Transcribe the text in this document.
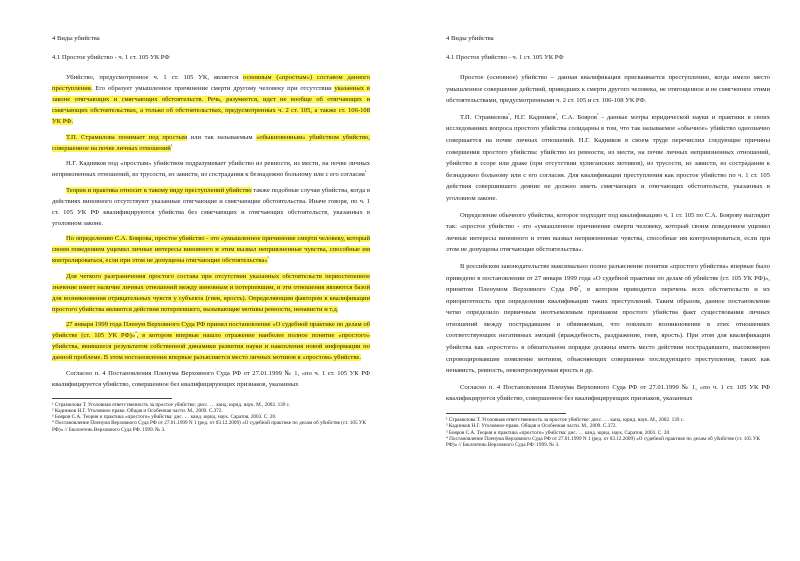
4 Виды убийства
4.1 Простое убийство - ч. 1 ст. 105 УК РФ

Убийство, предусмотренное ч. 1 ст. 105 УК, является основным («простым») составом данного преступления. Его образует умышленное причинение смерти другому человеку при отсутствии указанных в законе отягчающих и смягчающих обстоятельств. Речь, разумеется, идет не вообще об отягчающих и смягчающих обстоятельствах, а только об обстоятельствах, предусмотренных ч. 2 ст. 105, а также ст. 106-108 УК РФ.

Т.П. Страмилова понимает под простым или так называемым «обыкновенным» убийством убийство, совершенное на почве личных отношений$^{^1.}$

Н.Г. Кадников под «простым» убийством подразумевает убийство из ревности, из мести, на почве личных неприязненных отношений, из трусости, из зависти, из сострадания к безнадежно больному или с его согласия$^{^2.}$

Теория и практика относит к такому виду преступлений убийство также подобные случаи убийства, когда в действиях виновного отсутствуют указанные отягчающие и смягчающие обстоятельства. Иначе говоря, по ч. 1 ст. 105 УК РФ квалифицируются убийства без смягчающих и отягчающих обстоятельств, указанных в уголовном законе.

По определению С.А. Боярова, простое убийство - это «умышленное причинение смерти человеку, который своим поведением ущемил личные интересы виновного и этим вызвал неприязненные чувства, способные им контролироваться, если при этом не допущены отягчающие обстоятельства»$^{^3.}$

Для четкого разграничения простого состава при отсутствии указанных обстоятельств первостепенное значение имеет наличие личных отношений между виновным и потерпевшим, и эти отношения являются базой для возникновения отрицательных чувств у субъекта (гнев, ярость). Определяющим фактором в квалификации простого убийства являются действия потерпевшего, вызывающие мотивы ревности, ненависти и т.д.

27 января 1999 года Пленум Верховного Суда РФ принял постановление «О судебной практике по делам об убийстве (ст. 105 УК РФ)»$^{^4}$, в котором впервые нашло отражение наиболее полное понятие «простого» убийства, явившееся результатом собственной динамики развития науки и накопления новой информации по данной проблеме. В этом постановлении впервые разъясняется место личных мотивов в «простом» убийстве.

Согласно п. 4 Постановления Пленума Верховного Суда РФ от 27.01.1999 № 1, «по ч. 1 ст. 105 УК РФ квалифицируется убийство, совершенное без квалифицирующих признаков, указанных

¹ Страмилова Т. Уголовная ответственность за простое убийство: дисс. … канд. юрид. наук. М., 2002. 139 с.

² Кадников Н.Г. Уголовное право. Общая и Особенная части. М., 2009. С.372.

³ Бояров С.А. Теория и практика «простого» убийства: дис. … канд. юрид. наук. Саратов, 2003. С. 20.

⁴ Постановление Пленума Верховного Суда РФ от 27.01.1999 N 1 (ред. от 03.12.2009) «О судебной практике по делам об убийстве (ст. 105 УК РФ)» // Бюллетень Верховного Суда РФ. 1999. № 3.

4 Виды убийства
4.1 Простое убийство - ч. 1 ст. 105 УК РФ

Простое (основное) убийство – данная квалификация присваивается преступлению, когда имело место умышленное совершение действий, приведших к смерти другого человека, не отягощенное и не смягченное этими обстоятельствами, предусмотренными ч. 2 ст. 105 и ст. 106-108 УК РФ.

Т.П. Страмилова$^{^1}$, Н.Г. Кадников$^{^2}$, С.А. Бояров$^{^3}$ - данные мэтры юридической науки и практики в своих исследованиях вопроса простого убийства солидарны в том, что так называемое «обычное» убийство однозначно совершается на почве личных отношений. Н.Г. Кадников в своем труде перечислил следующие причины совершения простого убийства: убийство из ревности, из мести, на почве личных неприязненных отношений, убийство в ссоре или драке (при отсутствии хулиганских мотивов), из трусости, из зависти, из сострадания к безнадежно больному или с его согласия. Для квалификации преступления как простое убийство по ч. 1 ст. 105 действия совершившего деяние не должно иметь смягчающих и отягчающих обстоятельств, указанных в уголовном законе.

Определение обычного убийства, которое подходит под квалификацию ч. 1 ст. 105 по С.А. Боярову выглядит так: «простое убийство - это «умышленное причинение смерти человеку, который своим поведением ущемил личные интересы виновного и этим вызвал неприязненные чувства, способные им контролироваться, если при этом не допущены отягчающие обстоятельства».

В российском законодательстве максимально полно разъяснение понятия «простого убийства» впервые было приведено в постановлении от 27 января 1999 года «О судебной практике по делам об убийстве (ст. 105 УК РФ)», принятом Пленумом Верховного Суда $РФ^{^4}$, в котором приводится перечень всех обстоятельств и их приоритетность при определении квалификации таких преступлений. Таким образом, данное постановление четко определило первичным неотъемлемым признаком простого убийства факт существования личных отношений между пострадавшим и обвиняемым, что повлекло возникновение в этих отношениях соответствующих негативных эмоций (враждебность, раздражение, гнев, ярость). При этом для квалификации убийства как «простого» в обязательном порядке должны иметь место действия пострадавшего, высокомерно спровоцировавшие появление мотивов, объясняющих совершение последующего преступления, таких как ненависть, ревность, неконтролируемая ярость и др.

Согласно п. 4 Постановления Пленума Верховного Суда РФ от 27.01.1999 № 1, «по ч. 1 ст. 105 УК РФ квалифицируется убийство, совершенное без квалифицирующих признаков, указанных

¹ Страмилова Т. Уголовная ответственность за простое убийство: дисс. … канд. юрид. наук. М., 2002. 139 с.

² Кадников Н.Г. Уголовное право. Общая и Особенная части. М., 2009. С.372.

³ Бояров С.А. Теория и практика «простого» убийства: дис. … канд. юрид. наук. Саратов, 2003. С. 20.

⁴ Постановление Пленума Верховного Суда РФ от 27.01.1999 N 1 (ред. от 03.12.2009) «О судебной практике по делам об убийстве (ст. 105 УК РФ)» // Бюллетень Верховного Суда РФ. 1999. № 3.
